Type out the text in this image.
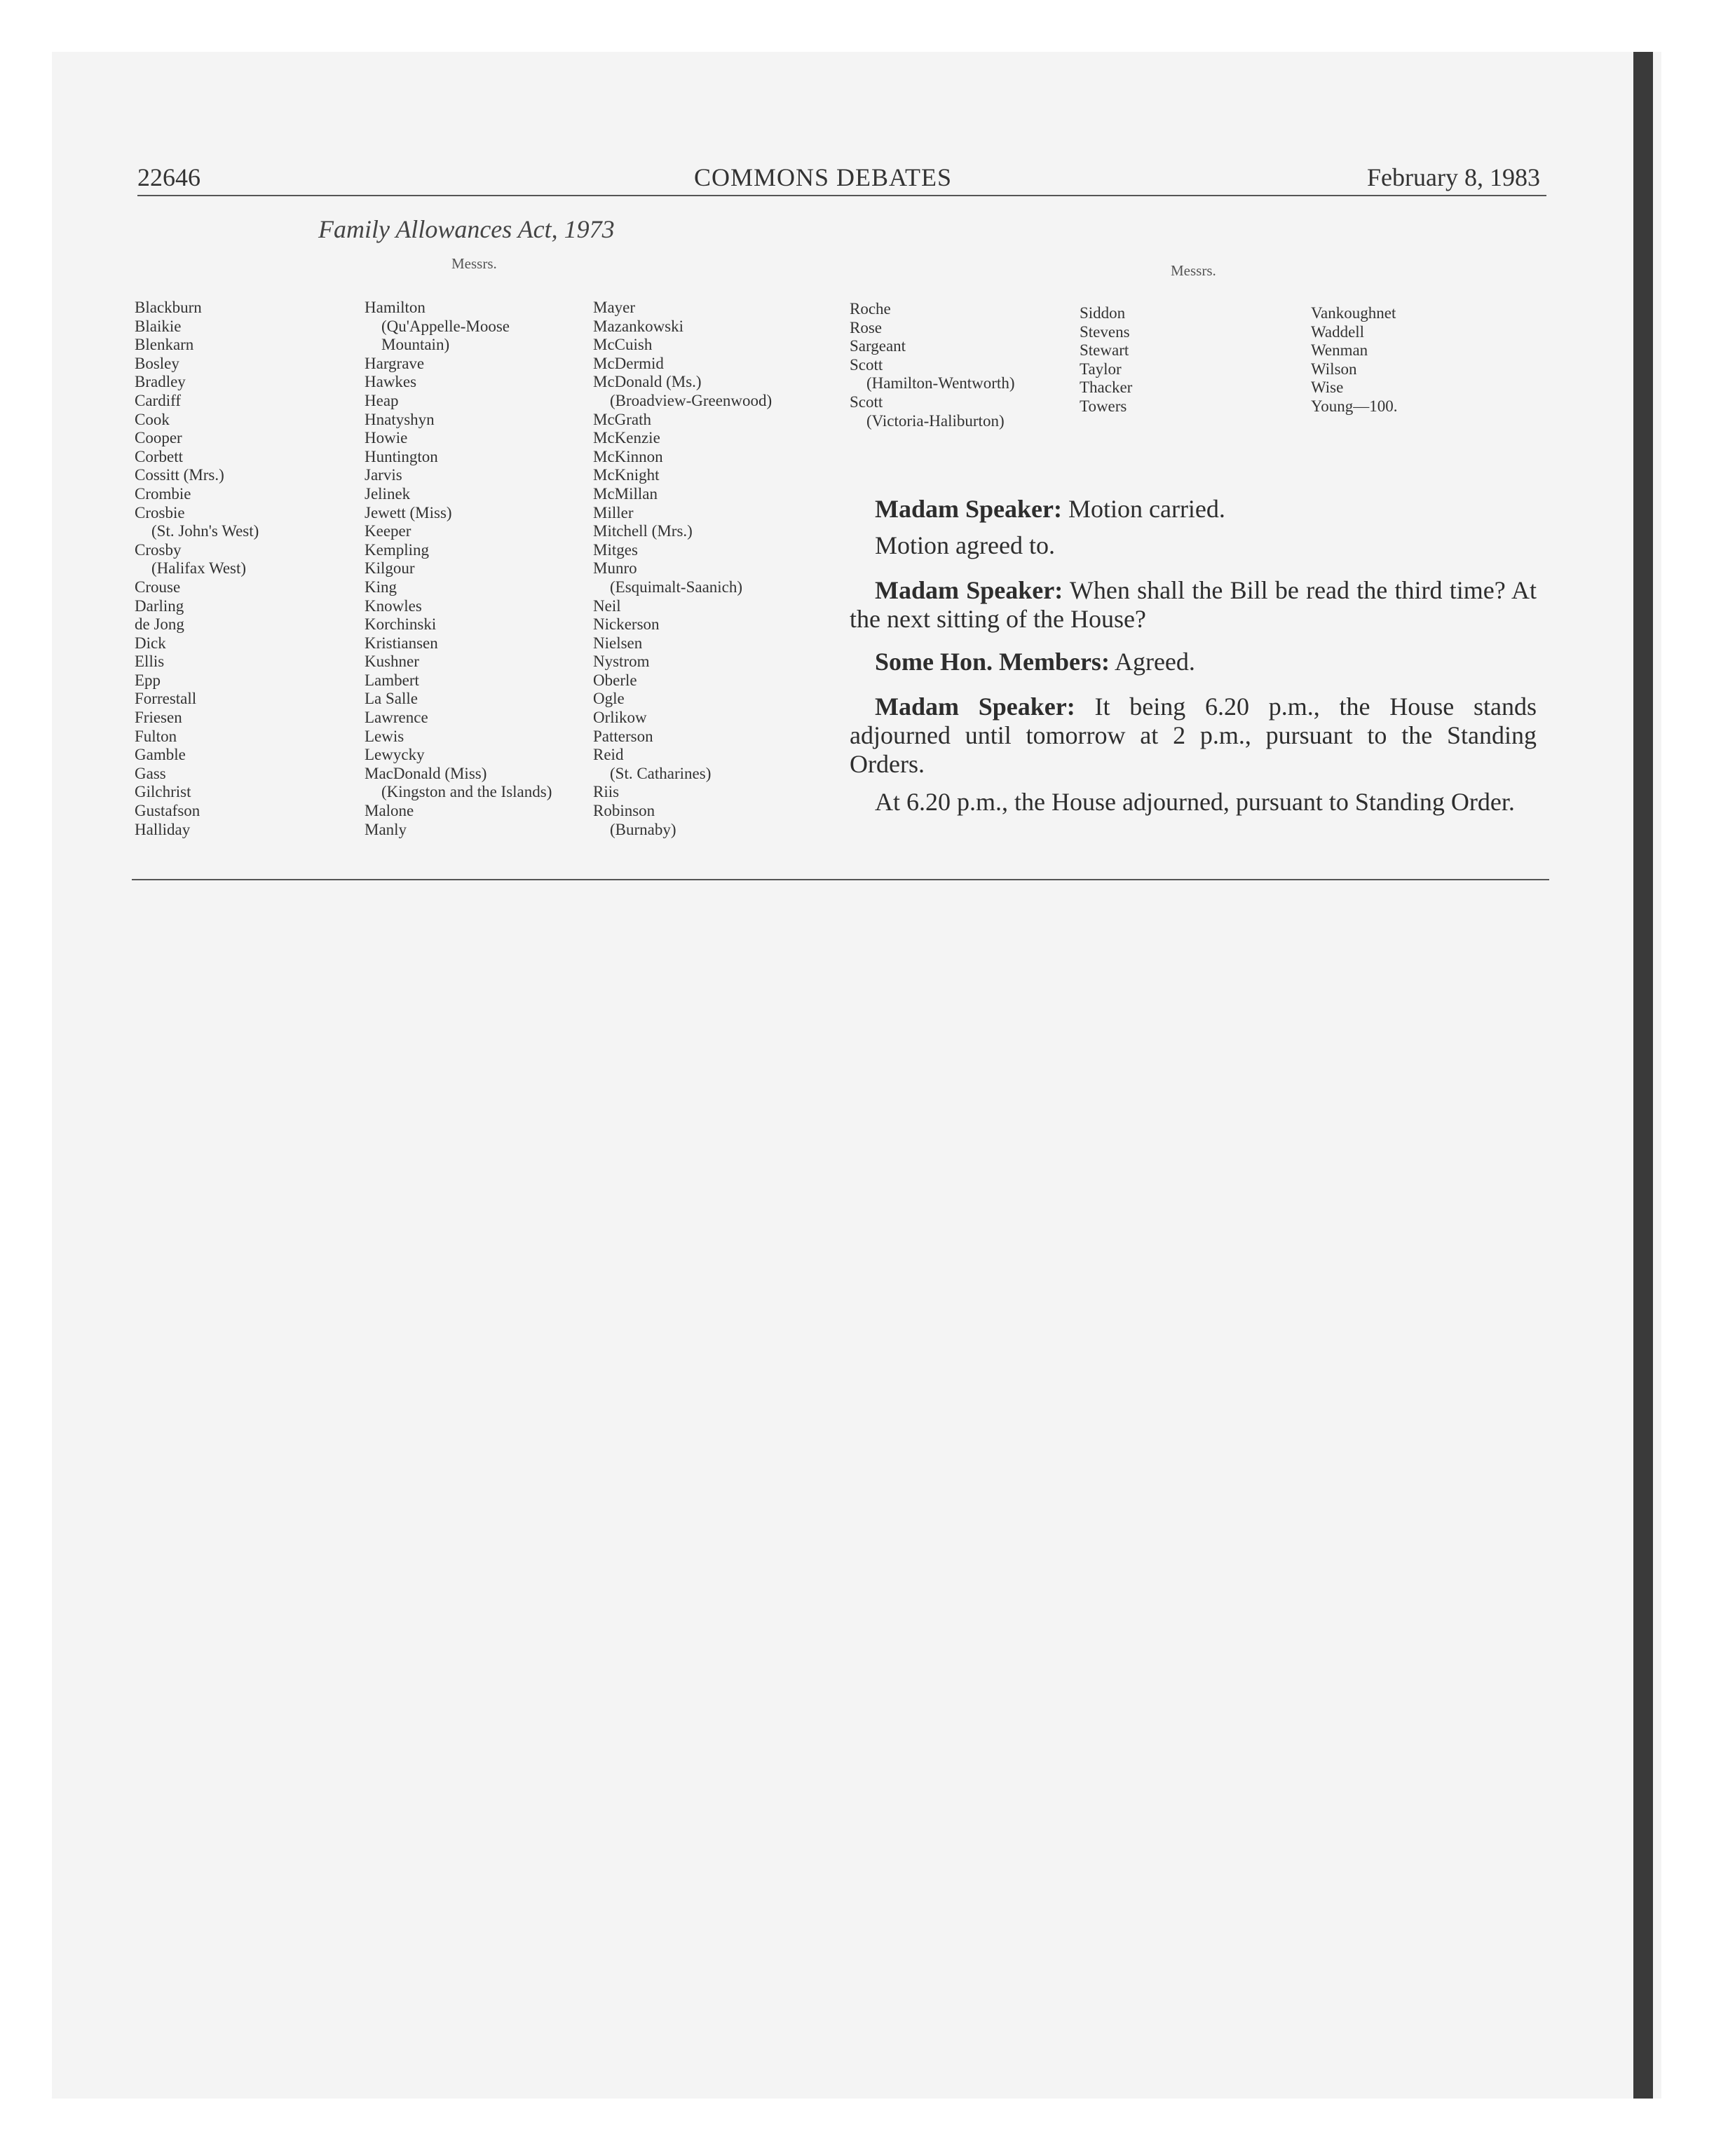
22646	COMMONS DEBATES	February 8, 1983
Family Allowances Act, 1973
Messrs.	Messrs.
Blackburn
Blaikie
Blenkarn
Bosley
Bradley
Cardiff
Cook
Cooper
Corbett
Cossitt (Mrs.)
Crombie
Crosbie
(St. John's West)
Crosby
(Halifax West)
Crouse
Darling
de Jong
Dick
Ellis
Epp
Forrestall
Friesen
Fulton
Gamble
Gass
Gilchrist
Gustafson
Halliday
Hamilton
(Qu'Appelle-Moose
Mountain)
Hargrave
Hawkes
Heap
Hnatyshyn
Howie
Huntington
Jarvis
Jelinek
Jewett (Miss)
Keeper
Kempling
Kilgour
King
Knowles
Korchinski
Kristiansen
Kushner
Lambert
La Salle
Lawrence
Lewis
Lewycky
MacDonald (Miss)
(Kingston and the Islands)
Malone
Manly
Mayer
Mazankowski
McCuish
McDermid
McDonald (Ms.)
(Broadview-Greenwood)
McGrath
McKenzie
McKinnon
McKnight
McMillan
Miller
Mitchell (Mrs.)
Mitges
Munro
(Esquimalt-Saanich)
Neil
Nickerson
Nielsen
Nystrom
Oberle
Ogle
Orlikow
Patterson
Reid
(St. Catharines)
Riis
Robinson
(Burnaby)
Roche
Rose
Sargeant
Scott
(Hamilton-Wentworth)
Scott
(Victoria-Haliburton)
Siddon
Stevens
Stewart
Taylor
Thacker
Towers
Vankoughnet
Waddell
Wenman
Wilson
Wise
Young—100.

Madam Speaker: Motion carried.

Motion agreed to.

Madam Speaker: When shall the Bill be read the third time? At the next sitting of the House?

Some Hon. Members: Agreed.

Madam Speaker: It being 6.20 p.m., the House stands adjourned until tomorrow at 2 p.m., pursuant to the Standing Orders.

At 6.20 p.m., the House adjourned, pursuant to Standing Order.
